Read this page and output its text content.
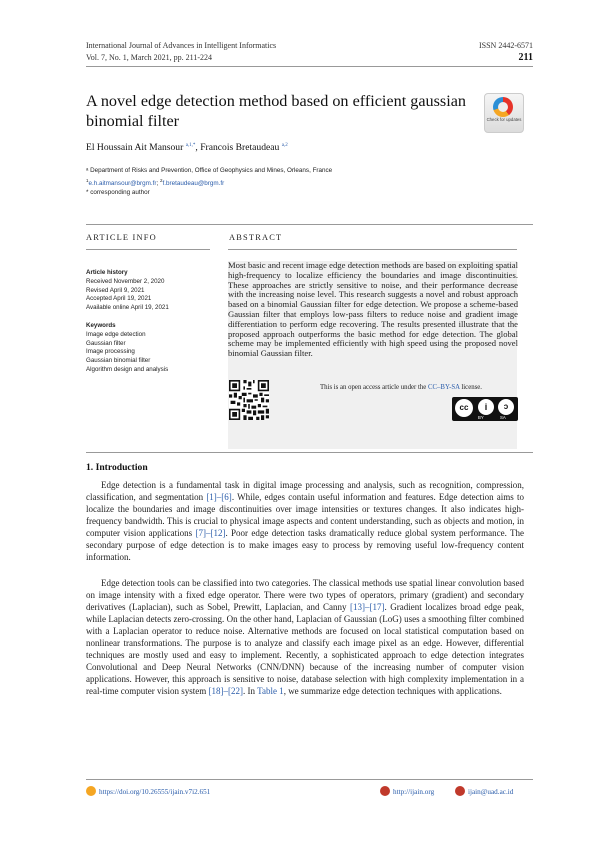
International Journal of Advances in Intelligent Informatics
Vol. 7, No. 1, March 2021, pp. 211-224
ISSN 2442-6571
211
A novel edge detection method based on efficient gaussian binomial filter	Check for updates
El Houssain Ait Mansour $^{a,1,*}$, Francois Bretaudeau $^{a,2}$
ᵃ Department of Risks and Prevention, Office of Geophysics and Mines, Orleans, France
$^1$e.h.aitmansour@brgm.fr; $^2$f.bretaudeau@brgm.fr
* corresponding author
ARTICLE INFO
Article history
Received November 2, 2020
Revised April 9, 2021
Accepted April 19, 2021
Available online April 19, 2021
Keywords
Image edge detection
Gaussian filter
Image processing
Gaussian binomial filter
Algorithm design and analysis
ABSTRACT
Most basic and recent image edge detection methods are based on exploiting spatial high-frequency to localize efficiency the boundaries and image discontinuities. These approaches are strictly sensitive to noise, and their performance decrease with the increasing noise level. This research suggests a novel and robust approach based on a binomial Gaussian filter for edge detection. We propose a scheme-based Gaussian filter that employs low-pass filters to reduce noise and gradient image differentiation to perform edge recovering. The results presented illustrate that the proposed approach outperforms the basic method for edge detection. The global scheme may be implemented efficiently with high speed using the proposed novel binomial Gaussian filter.
This is an open access article under the CC–BY-SA license.
cc	i	ↄ
BY	SA
1. Introduction

Edge detection is a fundamental task in digital image processing and analysis, such as recognition, compression, classification, and segmentation [1]–[6]. While, edges contain useful information and features. Edge detection aims to localize the boundaries and image discontinuities over image intensities or textures changes. It also indicates high-frequency bandwidth. This is crucial to physical image aspects and content understanding, such as objects and motion, in computer vision applications [7]–[12]. Poor edge detection tasks dramatically reduce global system performance. The secondary purpose of edge detection is to make images easy to process by removing useful low-frequency content information.

Edge detection tools can be classified into two categories. The classical methods use spatial linear convolution based on image intensity with a fixed edge operator. There were two types of operators, primary (gradient) and secondary derivatives (Laplacian), such as Sobel, Prewitt, Laplacian, and Canny [13]–[17]. Gradient localizes broad edge peak, while Laplacian detects zero-crossing. On the other hand, Laplacian of Gaussian (LoG) uses a smoothing filter combined with a Laplacian operator to reduce noise. Alternative methods are focused on local statistical computation based on nonlinear transformations. The purpose is to analyze and classify each image pixel as an edge. However, differential techniques are mostly used and easy to implement. Recently, a sophisticated approach to edge detection integrates Convolutional and Deep Neural Networks (CNN/DNN) because of the increasing number of computer vision applications. However, this approach is sensitive to noise, database selection with high complexity implementation in a real-time computer vision system [18]–[22]. In Table 1, we summarize edge detection techniques with applications.

https://doi.org/10.26555/ijain.v7i2.651	http://ijain.org	ijain@uad.ac.id
